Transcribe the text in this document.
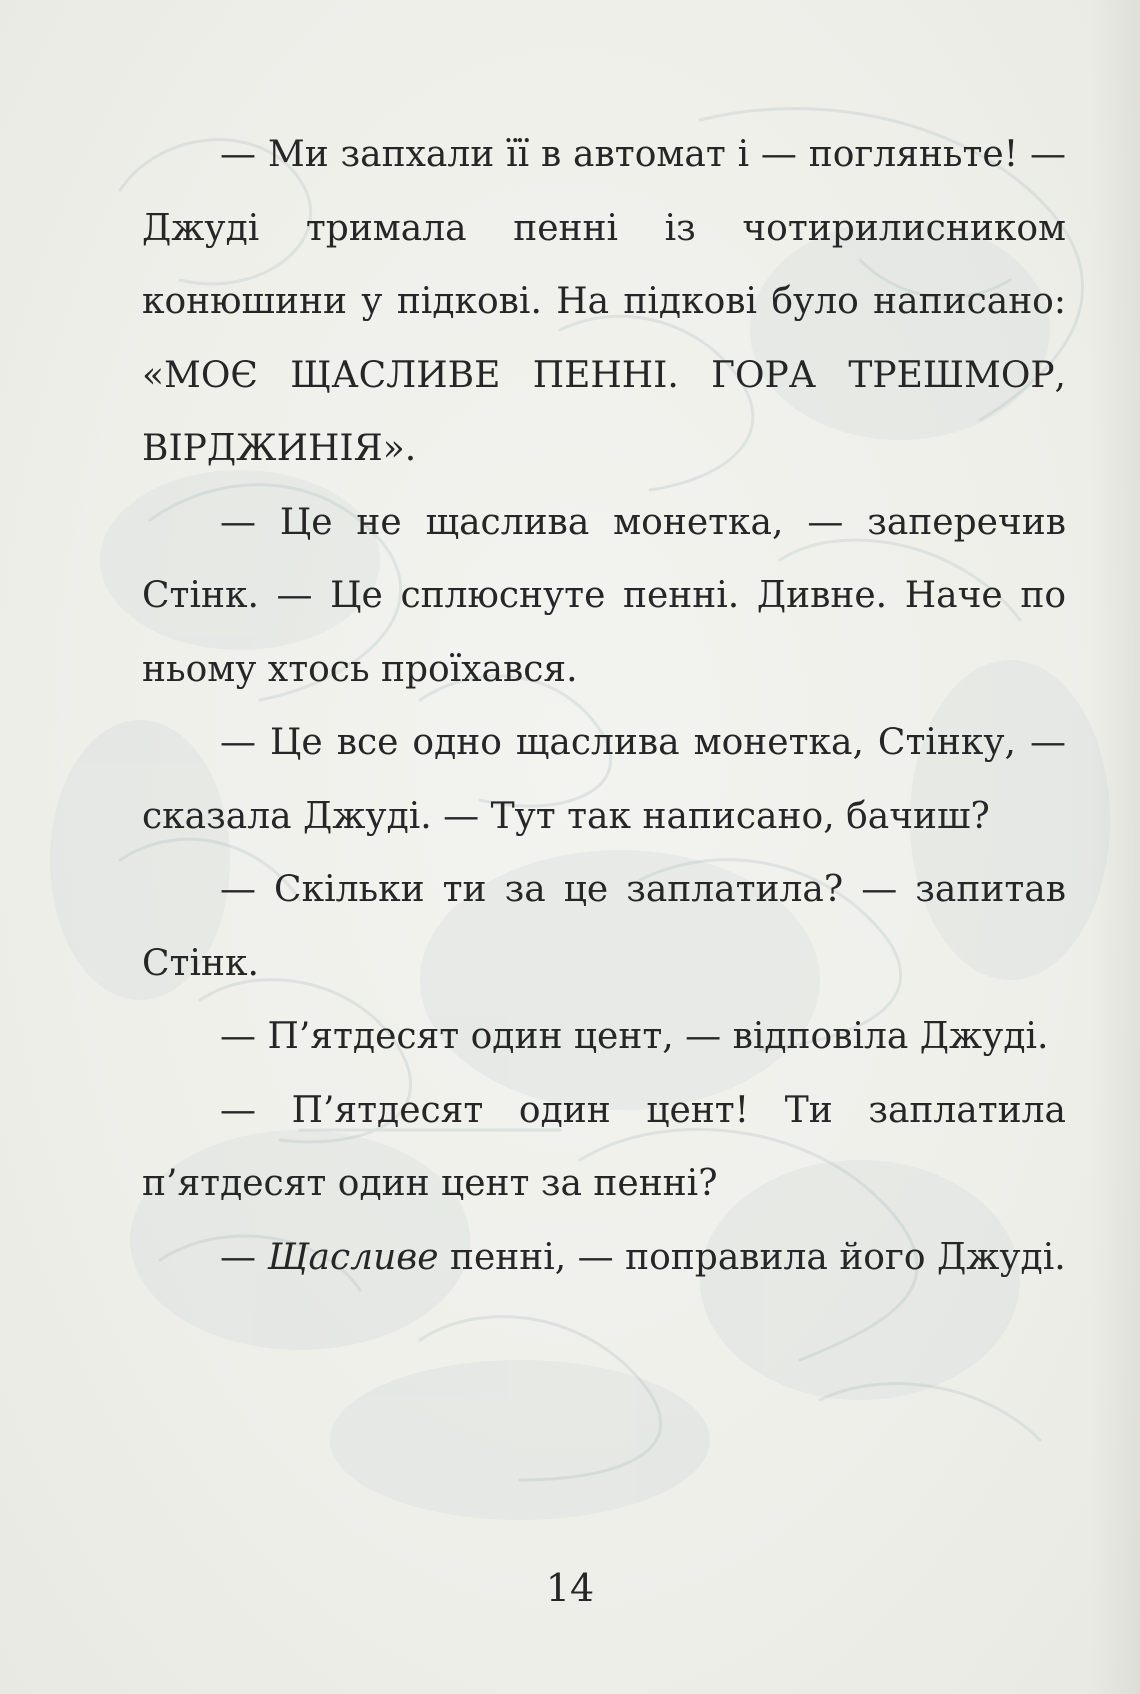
— Ми запхали її в автомат і — погляньте! — Джуді тримала пенні із чотирилисником конюшини у підкові. На підкові було написано: «МОЄ ЩАСЛИВЕ ПЕННІ. ГОРА ТРЕШМОР, ВІРДЖИНІЯ».

— Це не щаслива монетка, — заперечив Стінк. — Це сплюснуте пенні. Дивне. Наче по ньому хтось проїхався.

— Це все одно щаслива монетка, Стінку, — сказала Джуді. — Тут так написано, бачиш?

— Скільки ти за це заплатила? — запитав Стінк.

— П’ятдесят один цент, — відповіла Джуді.

— П’ятдесят один цент! Ти заплатила п’ятдесят один цент за пенні?

— Щасливе пенні, — поправила його Джуді.

14
